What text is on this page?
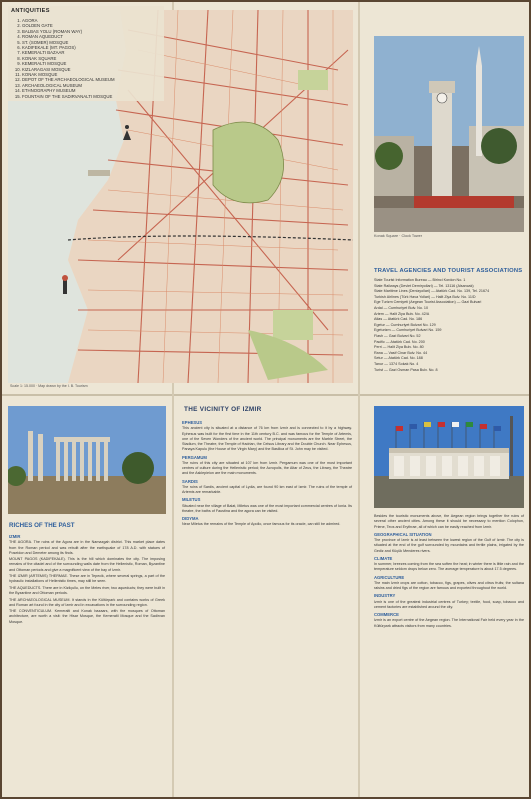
ANTIQUITIES
1. AGORA
2. GOLDEN GATE
3. BALBAS YOLU (ROMAN WAY)
4. ROMAN AQUEDUCT
5. ST. (SOMER) MOSQUE
6. KADIFEKALE (MT. PAGOS)
7. KEMERALTI BAZAAR
8. KONAK SQUARE
9. KEMERALTI MOSQUE
10. KIZLARAGASI MOSQUE
11. KONAK MOSQUE
12. DEPOT OF THE ARCHAEOLOGICAL MUSEUM
13. ARCHAEOLOGICAL MUSEUM
14. ETHNOGRAPHY MUSEUM
15. FOUNTAIN OF THE SADIRVANALTI MOSQUE
Scale 1: 15.000 · Map drawn by the I. B. Tourism
Konak Square · Clock Tower
TRAVEL AGENCIES AND TOURIST ASSOCIATIONS
State Tourist Information Bureau — Birinci Kordon No. 1
State Railways (Devlet Demiryollari) — Tel. 13116 (Alsancak)
State Maritime Lines (Denizyollari) — Atatürk Cad. No. 139, Tel. 21674
Turkish Airlines (Türk Hava Yollari) — Halit Ziya Bulv. No. 11/D
Ege Turizm Cemiyeti (Aegean Tourist Association) — Gazi Bulvari
Ardal — Cumhuriyet Bulv. No. 10
Artem — Halit Ziya Bulv. No. 42/A
Atlas — Atatürk Cad. No. 186
Egetur — Cumhuriyet Bulvari No. 129
Egeturizm — Cumhuriyet Bulvari No. 159
Flash — Gazi Bulvari No. 52
Pacific — Atatürk Cad. No. 200
Perri — Halit Ziya Bulv. No. 80
Rana — Vasif Cinar Bulv. No. 44
Setur — Atatürk Cad. No. 188
Tanur — 1374 Sokak No. 4
Turist — Gazi Osman Pasa Bulv. No. 8
RICHES OF THE PAST
IZMIR

THE AGORA. The ruins of the Agora are in the Namazgah district. This market place dates from the Roman period and was rebuilt after the earthquake of 178 A.D. with statues of Poseidon and Demeter among its finds.

MOUNT PAGOS (KADIFEKALE). This is the hill which dominates the city. The imposing remains of the citadel and of the surrounding walls date from the Hellenistic, Roman, Byzantine and Ottoman periods and give a magnificent view of the bay of Izmir.

THE IZMIR (ARTEMIS) THERMAE. These are in Tepecik, where several springs, a part of the hydraulic installations of Hellenistic times, may still be seen.

THE AQUEDUCTS. There are in Kizilçullu, on the Meles river, two aqueducts; they were built in the Byzantine and Ottoman periods.

THE ARCHAEOLOGICAL MUSEUM. It stands in the Kültürpark and contains works of Greek and Roman art found in the city of Izmir and in excavations in the surrounding region.

THE CONVENTICULUM. Kemeralti and Konak bazaars, with the mosques of Ottoman architecture, are worth a visit: the Hisar Mosque, the Kemeralti Mosque and the Sadirvan Mosque.

THE VICINITY OF IZMIR
EPHESUS

This ancient city is situated at a distance of 76 km from Izmir and is connected to it by a highway. Ephesus was built for the first time in the 11th century B.C. and was famous for the Temple of Artemis, one of the Seven Wonders of the ancient world. The principal monuments are the Marble Street, the Stadium, the Theatre, the Temple of Hadrian, the Celsus Library and the Double Church. Near Ephesus, Panaya Kapulu (the House of the Virgin Mary) and the Basilica of St. John may be visited.

PERGAMUM

The ruins of this city are situated at 107 km from Izmir. Pergamum was one of the most important centres of culture during the Hellenistic period; the Acropolis, the Altar of Zeus, the Library, the Theatre and the Asklepieion are the main monuments.

SARDIS

The ruins of Sardis, ancient capital of Lydia, are found 90 km east of Izmir. The ruins of the temple of Artemis are remarkable.

MILETUS

Situated near the village of Balat, Miletus was one of the most important commercial centres of Ionia. Its theatre, the baths of Faustina and the agora can be visited.

DIDYMA

Near Miletus the remains of the Temple of Apollo, once famous for its oracle, can still be admired.

Besides the touristic monuments above, the Aegean region brings together the ruins of several other ancient cities. Among these it should be necessary to mention Colophon, Priene, Teos and Erythrae, all of which can be easily reached from Izmir.

GEOGRAPHICAL SITUATION

The province of Izmir is at least between the lowest region of the Gulf of Izmir. The city is situated at the end of the gulf surrounded by mountains and fertile plains, irrigated by the Gediz and Küçük Menderes rivers.

CLIMATE

In summer, breezes coming from the sea soften the heat; in winter there is little rain and the temperature seldom drops below zero. The average temperature is about 17.5 degrees.

AGRICULTURE

The main Izmir crops are cotton, tobacco, figs, grapes, olives and citrus fruits; the sultana raisins and dried figs of the region are famous and exported throughout the world.

INDUSTRY

Izmir is one of the greatest industrial centres of Turkey; textile, food, soap, tobacco and cement factories are established around the city.

COMMERCE

Izmir is an export centre of the Aegean region. The International Fair held every year in the Kültürpark attracts visitors from many countries.
